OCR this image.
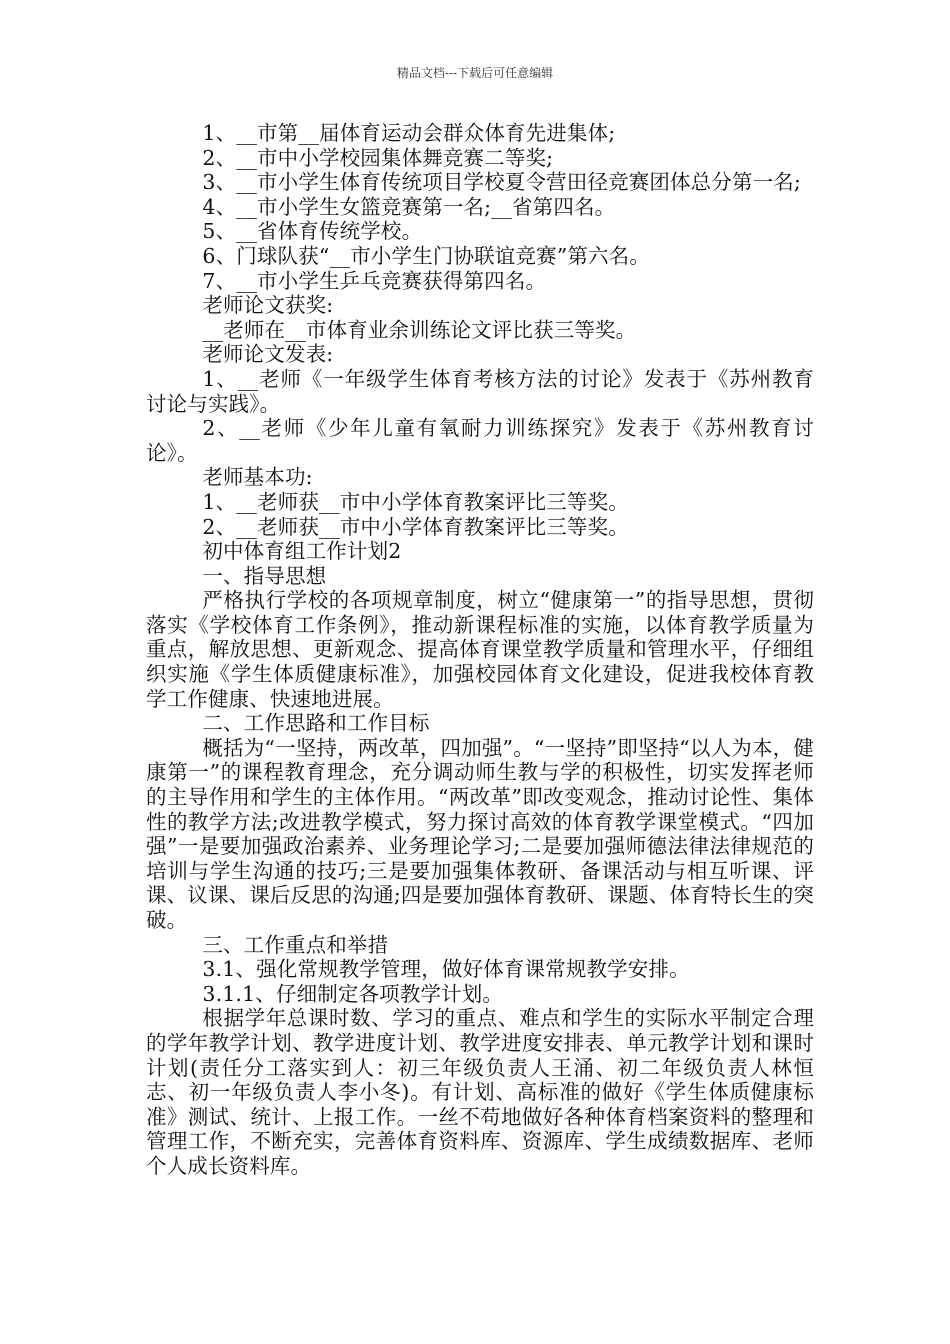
精品文档---下载后可任意编辑

1、__市第__届体育运动会群众体育先进集体;

2、__市中小学校园集体舞竞赛二等奖;

3、__市小学生体育传统项目学校夏令营田径竞赛团体总分第一名;

4、__市小学生女篮竞赛第一名;__省第四名。

5、__省体育传统学校。

6、门球队获“__市小学生门协联谊竞赛”第六名。

7、__市小学生乒乓竞赛获得第四名。

老师论文获奖:

__老师在__市体育业余训练论文评比获三等奖。

老师论文发表:

1、__老师《一年级学生体育考核方法的讨论》发表于《苏州教育讨论与实践》。

2、__老师《少年儿童有氧耐力训练探究》发表于《苏州教育讨论》。

老师基本功:

1、__老师获__市中小学体育教案评比三等奖。

2、__老师获__市中小学体育教案评比三等奖。

初中体育组工作计划2

一、指导思想

严格执行学校的各项规章制度，树立“健康第一”的指导思想，贯彻落实《学校体育工作条例》，推动新课程标准的实施，以体育教学质量为重点，解放思想、更新观念、提高体育课堂教学质量和管理水平，仔细组织实施《学生体质健康标准》，加强校园体育文化建设，促进我校体育教学工作健康、快速地进展。

二、工作思路和工作目标

概括为“一坚持，两改革，四加强”。“一坚持”即坚持“以人为本，健康第一”的课程教育理念，充分调动师生教与学的积极性，切实发挥老师的主导作用和学生的主体作用。“两改革”即改变观念，推动讨论性、集体性的教学方法;改进教学模式，努力探讨高效的体育教学课堂模式。“四加强”一是要加强政治素养、业务理论学习;二是要加强师德法律法律规范的培训与学生沟通的技巧;三是要加强集体教研、备课活动与相互听课、评课、议课、课后反思的沟通;四是要加强体育教研、课题、体育特长生的突破。

三、工作重点和举措

3.1、强化常规教学管理，做好体育课常规教学安排。

3.1.1、仔细制定各项教学计划。

根据学年总课时数、学习的重点、难点和学生的实际水平制定合理的学年教学计划、教学进度计划、教学进度安排表、单元教学计划和课时计划(责任分工落实到人：初三年级负责人王涌、初二年级负责人林恒志、初一年级负责人李小冬)。有计划、高标准的做好《学生体质健康标准》测试、统计、上报工作。一丝不苟地做好各种体育档案资料的整理和管理工作，不断充实，完善体育资料库、资源库、学生成绩数据库、老师个人成长资料库。
